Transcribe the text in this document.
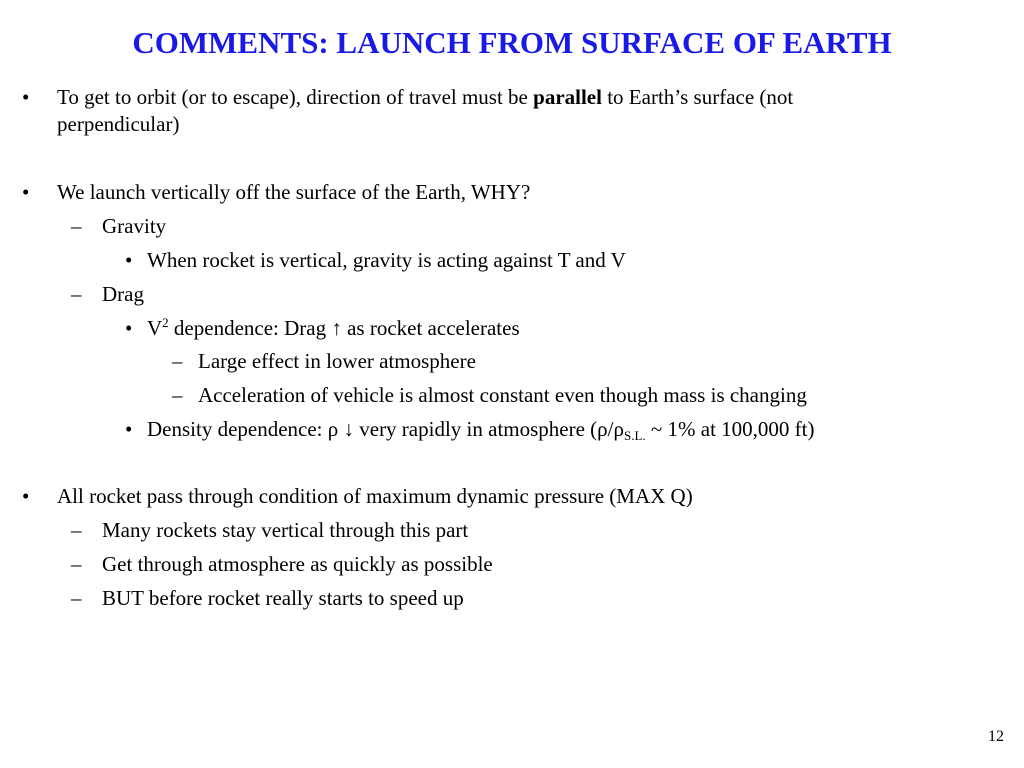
COMMENTS: LAUNCH FROM SURFACE OF EARTH
• To get to orbit (or to escape), direction of travel must be parallel to Earth’s surface (not
perpendicular)
• We launch vertically off the surface of the Earth, WHY?
– Gravity
• When rocket is vertical, gravity is acting against T and V
– Drag
• $V^2$ dependence: Drag ↑ as rocket accelerates
– Large effect in lower atmosphere
– Acceleration of vehicle is almost constant even though mass is changing
• Density dependence: ρ ↓ very rapidly in atmosphere ($\rho/\rho_{S.L.}$ ~ 1% at 100,000 ft)
• All rocket pass through condition of maximum dynamic pressure (MAX Q)
– Many rockets stay vertical through this part
– Get through atmosphere as quickly as possible
– BUT before rocket really starts to speed up
12
